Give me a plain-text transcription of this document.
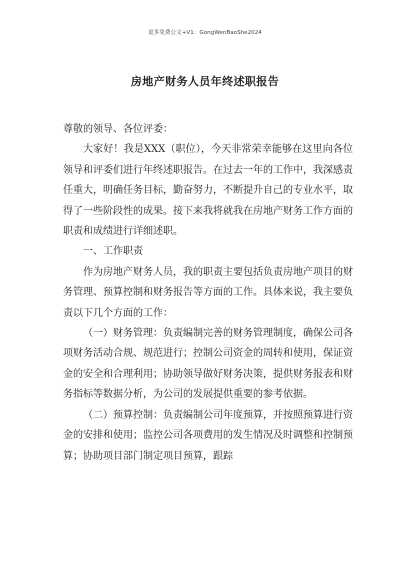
更多免费公文+V1：GongWenBaoShe2024
房地产财务人员年终述职报告

尊敬的领导、各位评委：

大家好！我是XXX（职位），今天非常荣幸能够在这里向各位领导和评委们进行年终述职报告。在过去一年的工作中，我深感责任重大，明确任务目标，勤奋努力，不断提升自己的专业水平，取得了一些阶段性的成果。接下来我将就我在房地产财务工作方面的职责和成绩进行详细述职。

一、工作职责

作为房地产财务人员，我的职责主要包括负责房地产项目的财务管理、预算控制和财务报告等方面的工作。具体来说，我主要负责以下几个方面的工作：

（一）财务管理：负责编制完善的财务管理制度，确保公司各项财务活动合规、规范进行；控制公司资金的周转和使用，保证资金的安全和合理利用；协助领导做好财务决策，提供财务报表和财务指标等数据分析，为公司的发展提供重要的参考依据。

（二）预算控制：负责编制公司年度预算，并按照预算进行资金的安排和使用；监控公司各项费用的发生情况及时调整和控制预算；协助项目部门制定项目预算，跟踪
